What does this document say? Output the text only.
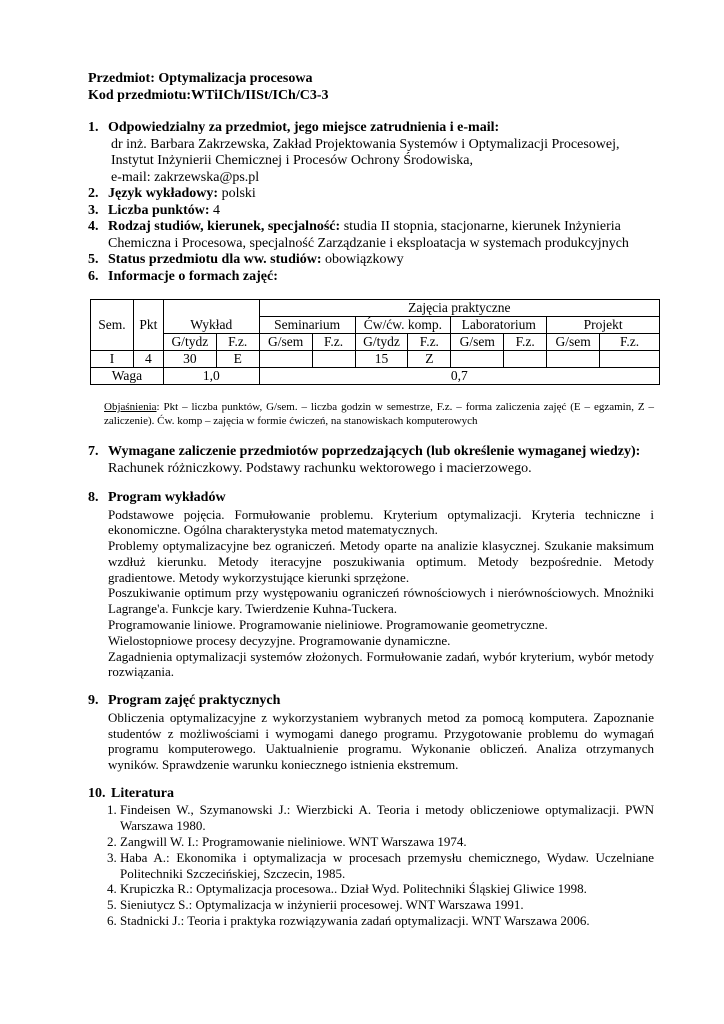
Przedmiot: Optymalizacja procesowa
Kod przedmiotu:WTiICh/IISt/ICh/C3-3
1. Odpowiedzialny za przedmiot, jego miejsce zatrudnienia i e-mail:
dr inż. Barbara Zakrzewska, Zakład Projektowania Systemów i Optymalizacji Procesowej,
Instytut Inżynierii Chemicznej i Procesów Ochrony Środowiska,
e-mail: zakrzewska@ps.pl
2. Język wykładowy: polski
3. Liczba punktów: 4
4. Rodzaj studiów, kierunek, specjalność: studia II stopnia, stacjonarne, kierunek Inżynieria
Chemiczna i Procesowa, specjalność Zarządzanie i eksploatacja w systemach produkcyjnych
5. Status przedmiotu dla ww. studiów: obowiązkowy
6. Informacje o formach zajęć:
Sem.	Pkt	Wykład		Zajęcia praktyczne							
				Seminarium		Ćw/ćw. komp.		Laboratorium		Projekt	
		G/tydz	F.z.	G/sem	F.z.	G/tydz	F.z.	G/sem	F.z.	G/sem	F.z.
I	4	30	E			15	Z				
Waga		1,0		0,7							
Objaśnienia: Pkt – liczba punktów, G/sem. – liczba godzin w semestrze, F.z. – forma zaliczenia zajęć (E – egzamin, Z – zaliczenie). Ćw. komp – zajęcia w formie ćwiczeń, na stanowiskach komputerowych
7. Wymagane zaliczenie przedmiotów poprzedzających (lub określenie wymaganej wiedzy):
Rachunek różniczkowy. Podstawy rachunku wektorowego i macierzowego.
8. Program wykładów
Podstawowe pojęcia. Formułowanie problemu. Kryterium optymalizacji. Kryteria techniczne i ekonomiczne. Ogólna charakterystyka metod matematycznych.
Problemy optymalizacyjne bez ograniczeń. Metody oparte na analizie klasycznej. Szukanie maksimum wzdłuż kierunku. Metody iteracyjne poszukiwania optimum. Metody bezpośrednie. Metody gradientowe. Metody wykorzystujące kierunki sprzężone.
Poszukiwanie optimum przy występowaniu ograniczeń równościowych i nierównościowych. Mnożniki Lagrange'a. Funkcje kary. Twierdzenie Kuhna-Tuckera.
Programowanie liniowe. Programowanie nieliniowe. Programowanie geometryczne.
Wielostopniowe procesy decyzyjne. Programowanie dynamiczne.
Zagadnienia optymalizacji systemów złożonych. Formułowanie zadań, wybór kryterium, wybór metody rozwiązania.
9. Program zajęć praktycznych
Obliczenia optymalizacyjne z wykorzystaniem wybranych metod za pomocą komputera. Zapoznanie studentów z możliwościami i wymogami danego programu. Przygotowanie problemu do wymagań programu komputerowego. Uaktualnienie programu. Wykonanie obliczeń. Analiza otrzymanych wyników. Sprawdzenie warunku koniecznego istnienia ekstremum.
10. Literatura
1. Findeisen W., Szymanowski J.: Wierzbicki A. Teoria i metody obliczeniowe optymalizacji. PWN Warszawa 1980.
2. Zangwill W. I.: Programowanie nieliniowe. WNT Warszawa 1974.
3. Haba A.: Ekonomika i optymalizacja w procesach przemysłu chemicznego, Wydaw. Uczelniane Politechniki Szczecińskiej, Szczecin, 1985.
4. Krupiczka R.: Optymalizacja procesowa.. Dział Wyd. Politechniki Śląskiej Gliwice 1998.
5. Sieniutycz S.: Optymalizacja w inżynierii procesowej. WNT Warszawa 1991.
6. Stadnicki J.: Teoria i praktyka rozwiązywania zadań optymalizacji. WNT Warszawa 2006.
